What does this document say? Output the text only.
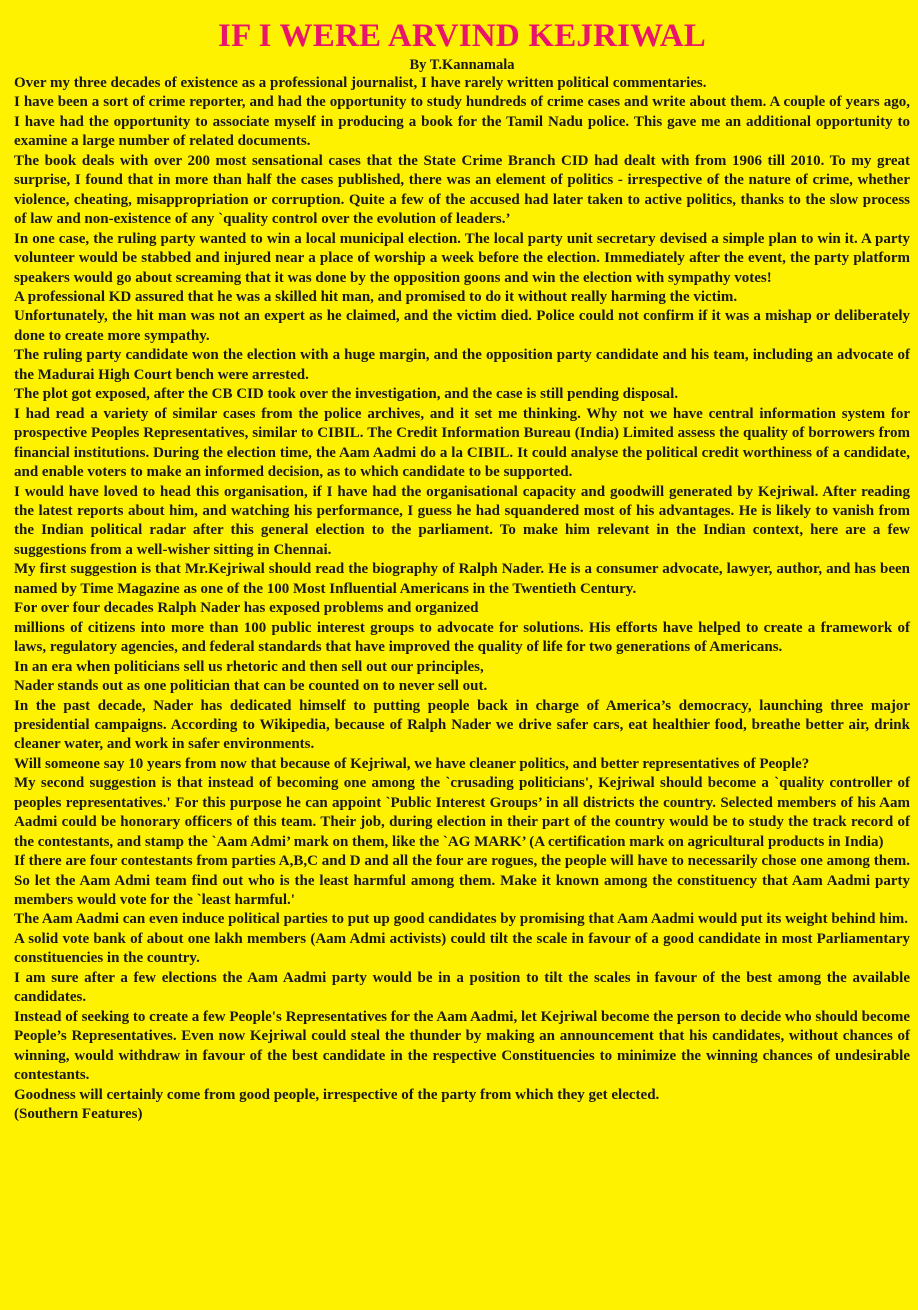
IF I WERE ARVIND KEJRIWAL
By T.Kannamala

Over my three decades of existence as a professional journalist, I have rarely written political commentaries.

I have been a sort of crime reporter, and had the opportunity to study hundreds of crime cases and write about them. A couple of years ago, I have had the opportunity to associate myself in producing a book for the Tamil Nadu police. This gave me an additional opportunity to examine a large number of related documents.

The book deals with over 200 most sensational cases that the State Crime Branch CID had dealt with from 1906 till 2010. To my great surprise, I found that in more than half the cases published, there was an element of politics - irrespective of the nature of crime, whether violence, cheating, misappropriation or corruption. Quite a few of the accused had later taken to active politics, thanks to the slow process of law and non-existence of any `quality control over the evolution of leaders.’

In one case, the ruling party wanted to win a local municipal election. The local party unit secretary devised a simple plan to win it. A party volunteer would be stabbed and injured near a place of worship a week before the election. Immediately after the event, the party platform speakers would go about screaming that it was done by the opposition goons and win the election with sympathy votes!

A professional KD assured that he was a skilled hit man, and promised to do it without really harming the victim.

Unfortunately, the hit man was not an expert as he claimed, and the victim died. Police could not confirm if it was a mishap or deliberately done to create more sympathy.

The ruling party candidate won the election with a huge margin, and the opposition party candidate and his team, including an advocate of the Madurai High Court bench were arrested.

The plot got exposed, after the CB CID took over the investigation, and the case is still pending disposal.

I had read a variety of similar cases from the police archives, and it set me thinking. Why not we have central information system for prospective Peoples Representatives, similar to CIBIL. The Credit Information Bureau (India) Limited assess the quality of borrowers from financial institutions. During the election time, the Aam Aadmi do a la CIBIL. It could analyse the political credit worthiness of a candidate, and enable voters to make an informed decision, as to which candidate to be supported.

I would have loved to head this organisation, if I have had the organisational capacity and goodwill generated by Kejriwal. After reading the latest reports about him, and watching his performance, I guess he had squandered most of his advantages. He is likely to vanish from the Indian political radar after this general election to the parliament. To make him relevant in the Indian context, here are a few suggestions from a well-wisher sitting in Chennai.

My first suggestion is that Mr.Kejriwal should read the biography of Ralph Nader. He is a consumer advocate, lawyer, author, and has been named by Time Magazine as one of the 100 Most Influential Americans in the Twentieth Century.

For over four decades Ralph Nader has exposed problems and organized

millions of citizens into more than 100 public interest groups to advocate for solutions. His efforts have helped to create a framework of laws, regulatory agencies, and federal standards that have improved the quality of life for two generations of Americans.

In an era when politicians sell us rhetoric and then sell out our principles,

Nader stands out as one politician that can be counted on to never sell out.

In the past decade, Nader has dedicated himself to putting people back in charge of America’s democracy, launching three major presidential campaigns. According to Wikipedia, because of Ralph Nader we drive safer cars, eat healthier food, breathe better air, drink cleaner water, and work in safer environments.

Will someone say 10 years from now that because of Kejriwal, we have cleaner politics, and better representatives of People?

My second suggestion is that instead of becoming one among the `crusading politicians', Kejriwal should become a `quality controller of peoples representatives.' For this purpose he can appoint `Public Interest Groups’ in all districts the country. Selected members of his Aam Aadmi could be honorary officers of this team. Their job, during election in their part of the country would be to study the track record of the contestants, and stamp the `Aam Admi’ mark on them, like the `AG MARK’ (A certification mark on agricultural products in India)

If there are four contestants from parties A,B,C and D and all the four are rogues, the people will have to necessarily chose one among them. So let the Aam Admi team find out who is the least harmful among them. Make it known among the constituency that Aam Aadmi party members would vote for the `least harmful.'

The Aam Aadmi can even induce political parties to put up good candidates by promising that Aam Aadmi would put its weight behind him.

A solid vote bank of about one lakh members (Aam Admi activists) could tilt the scale in favour of a good candidate in most Parliamentary constituencies in the country.

I am sure after a few elections the Aam Aadmi party would be in a position to tilt the scales in favour of the best among the available candidates.

Instead of seeking to create a few People's Representatives for the Aam Aadmi, let Kejriwal become the person to decide who should become People’s Representatives. Even now Kejriwal could steal the thunder by making an announcement that his candidates, without chances of winning, would withdraw in favour of the best candidate in the respective Constituencies to minimize the winning chances of undesirable contestants.

Goodness will certainly come from good people, irrespective of the party from which they get elected.

(Southern Features)
